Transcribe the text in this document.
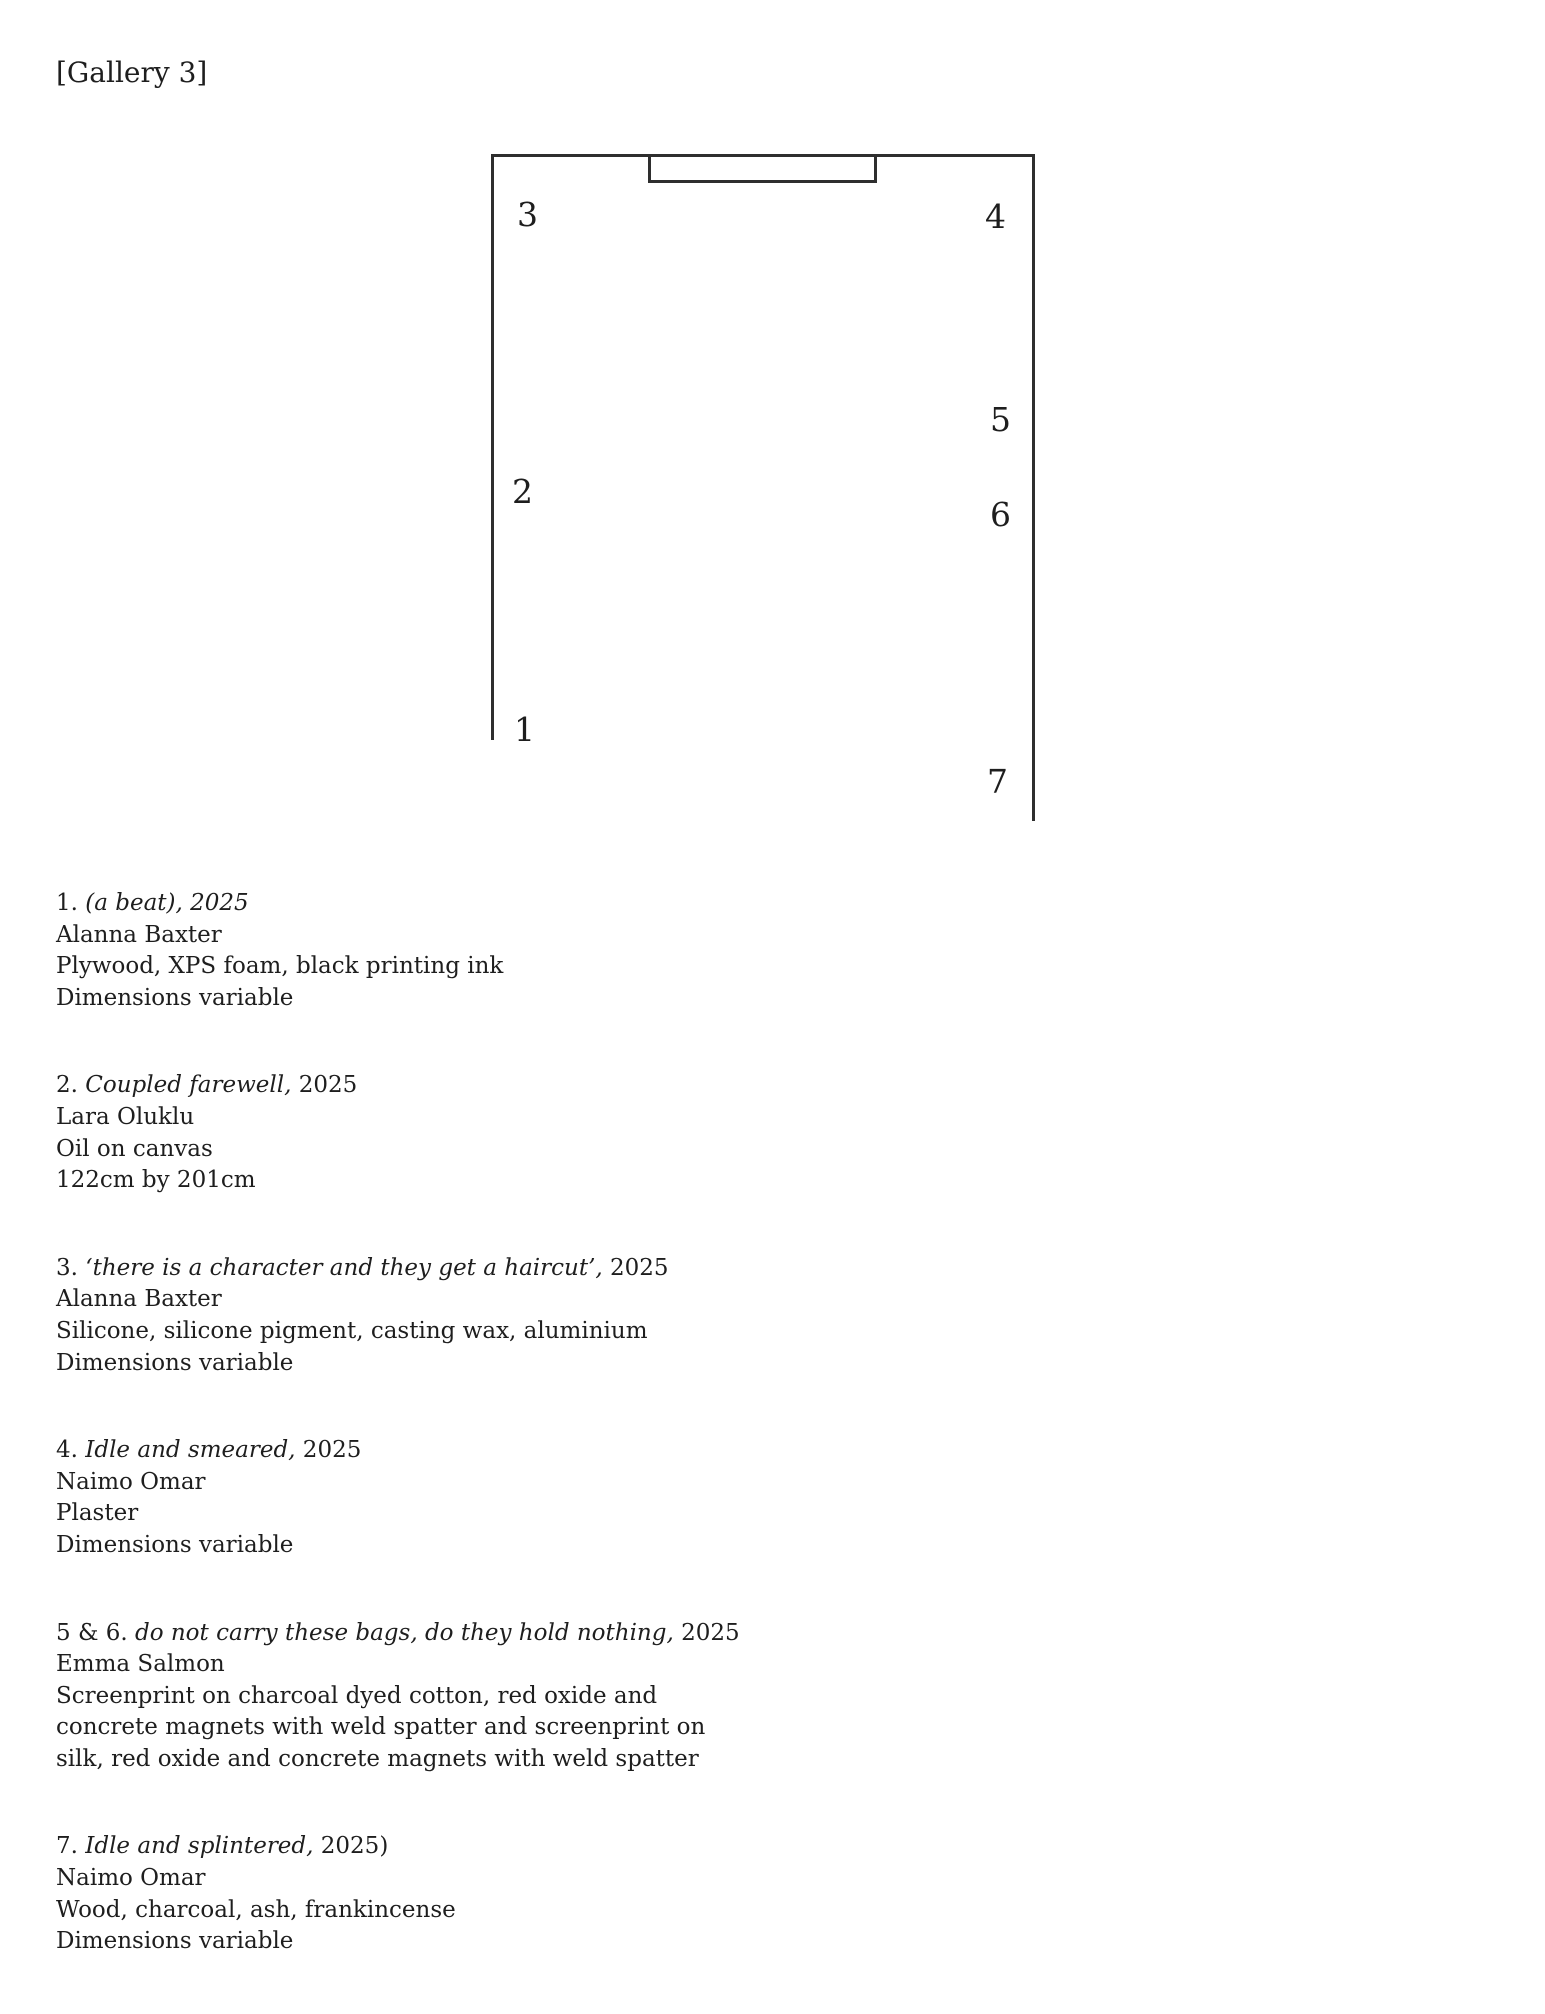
[Gallery 3]
3	4
2
5
6
1
7
1. (a beat), 2025
Alanna Baxter
Plywood, XPS foam, black printing ink
Dimensions variable
2. Coupled farewell, 2025
Lara Oluklu
Oil on canvas
122cm by 201cm
3. ‘there is a character and they get a haircut’, 2025
Alanna Baxter
Silicone, silicone pigment, casting wax, aluminium
Dimensions variable
4. Idle and smeared, 2025
Naimo Omar
Plaster
Dimensions variable
5 & 6. do not carry these bags, do they hold nothing, 2025
Emma Salmon
Screenprint on charcoal dyed cotton, red oxide and
concrete magnets with weld spatter and screenprint on
silk, red oxide and concrete magnets with weld spatter
7. Idle and splintered, 2025)
Naimo Omar
Wood, charcoal, ash, frankincense
Dimensions variable
